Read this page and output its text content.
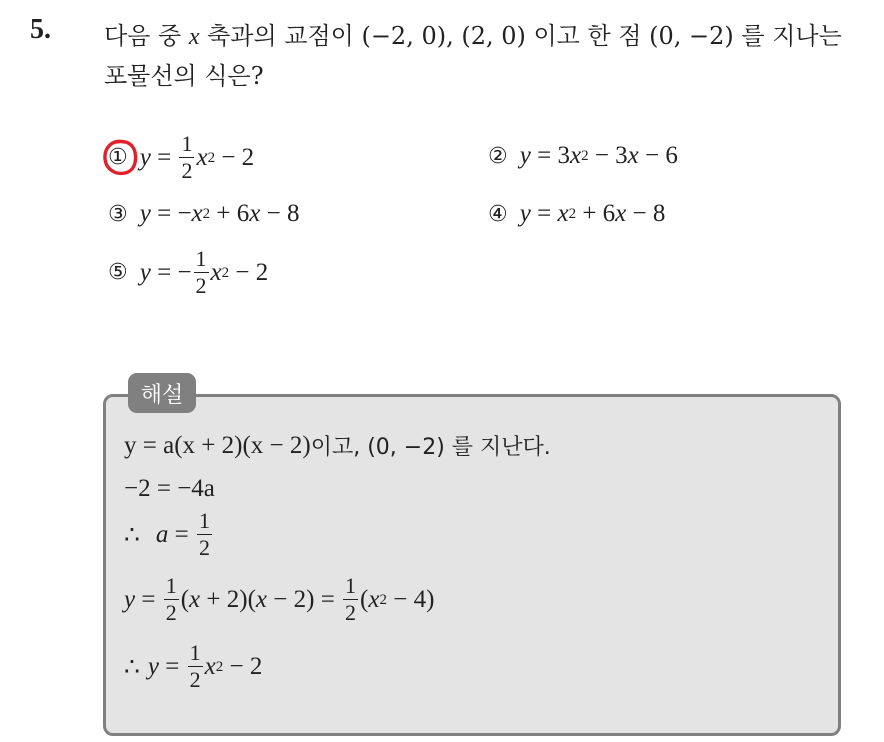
5. 다음 중 x 축과의 교점이 (−2, 0), (2, 0) 이고 한 점 (0, −2) 를 지나는
포물선의 식은?
① $y = \frac{1}{2}$ x 2 − 2	② y = 3 x 2 − 3 x − 6
③ y = − x 2 + 6 x − 8	④ y = x 2 + 6 x − 8
⑤ y = − $\frac{1}{2}$ x 2 − 2
해설
y = a(x + 2)(x − 2) 이고, (0, −2) 를 지난다.
−2 = −4a
∴ $a = \frac{1}{2}$
$y = \frac{1}{2}$ ( x + 2)( $x - 2) = \frac{1}{2}$ ( x 2 − 4)
∴ $y = \frac{1}{2}$ x 2 − 2
